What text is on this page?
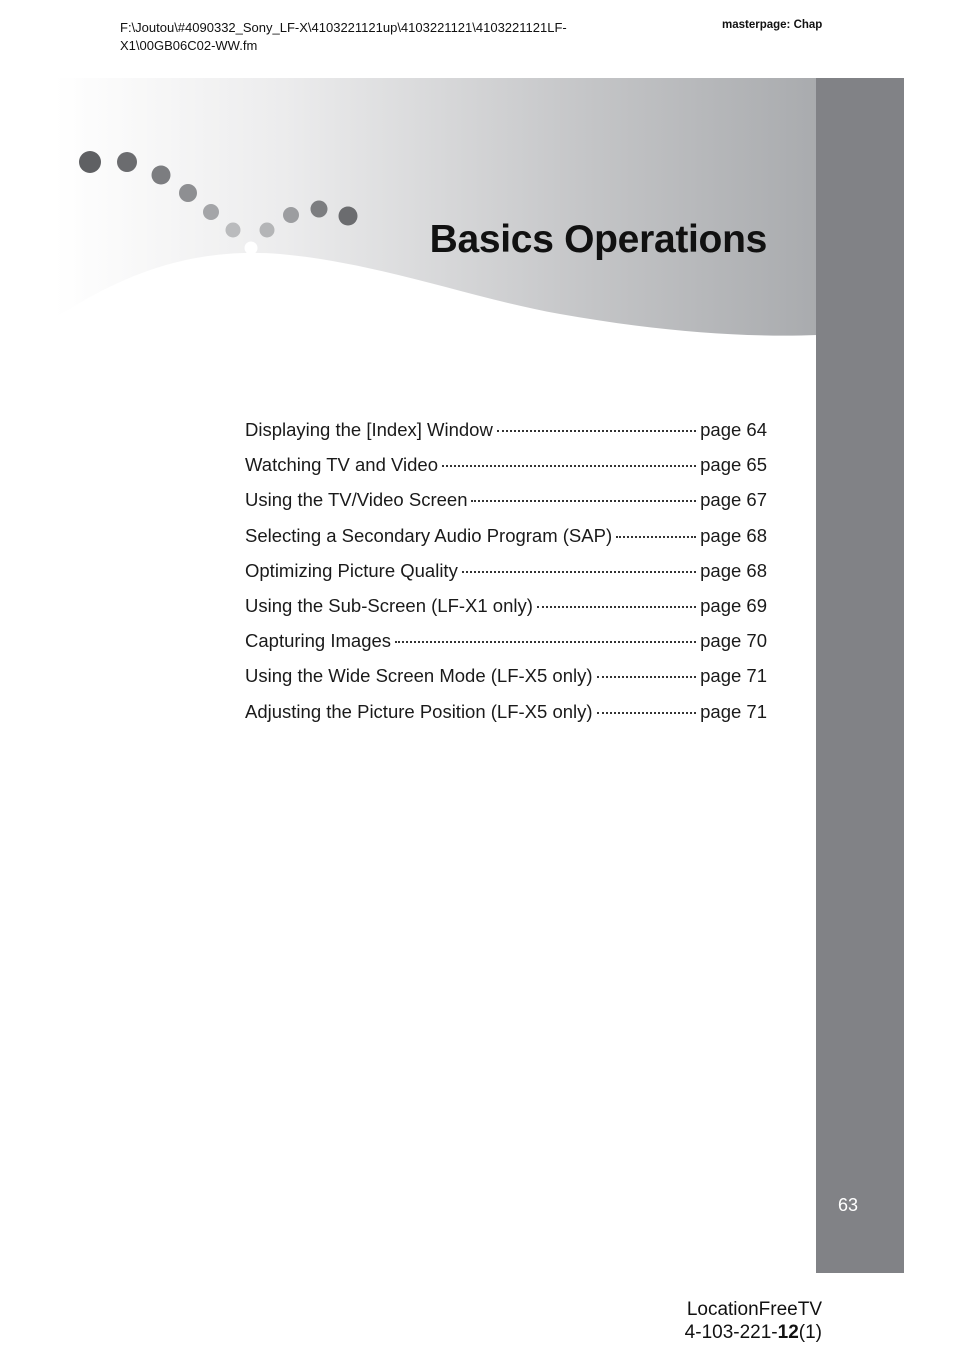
F:\Joutou\#4090332_Sony_LF-X\4103221121up\4103221121\4103221121LF-
X1\00GB06C02-WW.fm
masterpage: Chap
Basics Operations
Displaying the [Index] Window	page 64
Watching TV and Video	page 65
Using the TV/Video Screen	page 67
Selecting a Secondary Audio Program (SAP)	page 68
Optimizing Picture Quality	page 68
Using the Sub-Screen (LF-X1 only)	page 69
Capturing Images	page 70
Using the Wide Screen Mode (LF-X5 only)	page 71
Adjusting the Picture Position (LF-X5 only)	page 71
63
LocationFreeTV
4-103-221-12(1)
